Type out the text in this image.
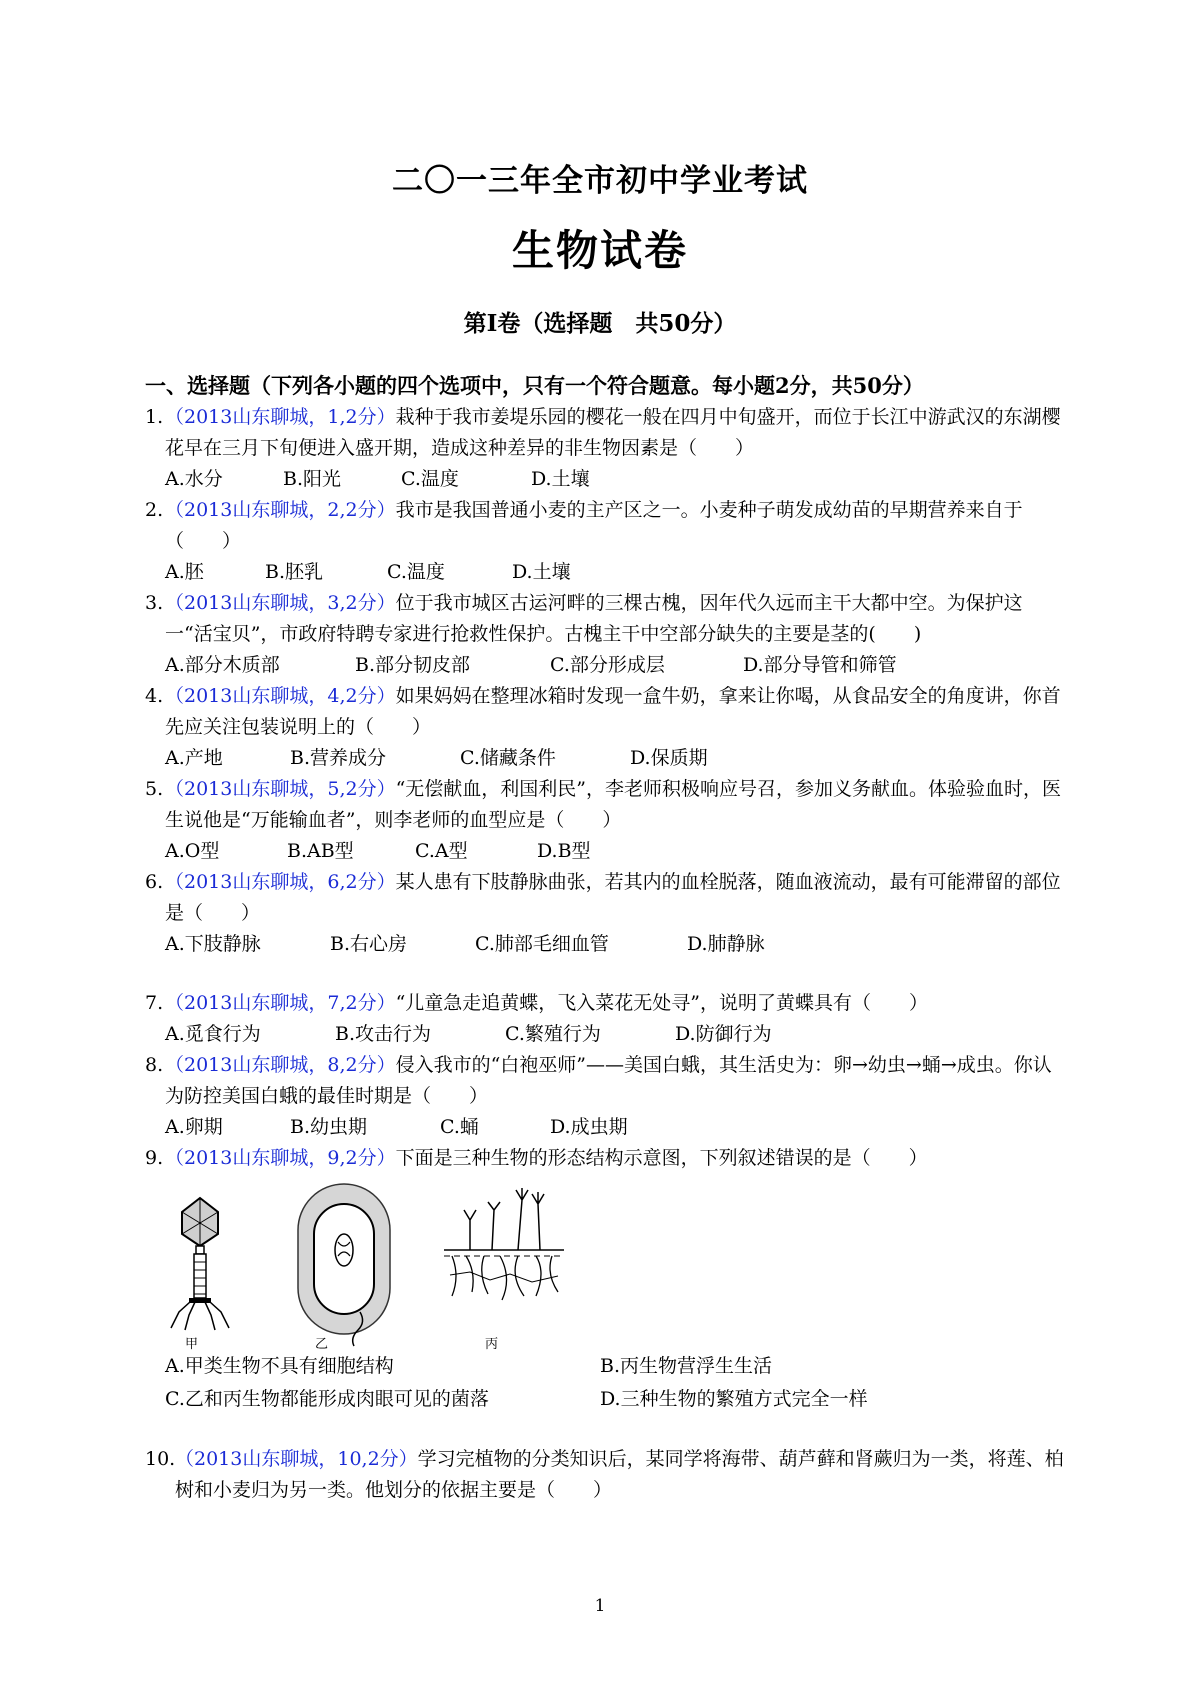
二〇一三年全市初中学业考试
生物试卷
第Ⅰ卷（选择题　共50分）
一、选择题（下列各小题的四个选项中，只有一个符合题意。每小题2分，共50分）
1. （2013山东聊城，1,2分）栽种于我市姜堤乐园的樱花一般在四月中旬盛开，而位于长江中游武汉的东湖樱花早在三月下旬便进入盛开期，造成这种差异的非生物因素是（　　）
A.水分	B.阳光	C.温度	D.土壤
2. （2013山东聊城，2,2分）我市是我国普通小麦的主产区之一。小麦种子萌发成幼苗的早期营养来自于（　　）
A.胚	B.胚乳	C.温度	D.土壤
3. （2013山东聊城，3,2分）位于我市城区古运河畔的三棵古槐，因年代久远而主干大都中空。为保护这一“活宝贝”，市政府特聘专家进行抢救性保护。古槐主干中空部分缺失的主要是茎的(　　)
A.部分木质部	B.部分韧皮部	C.部分形成层	D.部分导管和筛管
4. （2013山东聊城，4,2分）如果妈妈在整理冰箱时发现一盒牛奶，拿来让你喝，从食品安全的角度讲，你首先应关注包装说明上的（　　）
A.产地	B.营养成分	C.储藏条件	D.保质期
5. （2013山东聊城，5,2分）“无偿献血，利国利民”，李老师积极响应号召，参加义务献血。体验验血时，医生说他是“万能输血者”，则李老师的血型应是（　　）
A.O型	B.AB型	C.A型	D.B型
6. （2013山东聊城，6,2分）某人患有下肢静脉曲张，若其内的血栓脱落，随血液流动，最有可能滞留的部位是（　　）
A.下肢静脉	B.右心房	C.肺部毛细血管	D.肺静脉
7. （2013山东聊城，7,2分）“儿童急走追黄蝶，飞入菜花无处寻”，说明了黄蝶具有（　　）
A.觅食行为	B.攻击行为	C.繁殖行为	D.防御行为
8. （2013山东聊城，8,2分）侵入我市的“白袍巫师”——美国白蛾，其生活史为：卵→幼虫→蛹→成虫。你认为防控美国白蛾的最佳时期是（　　）
A.卵期	B.幼虫期	C.蛹	D.成虫期
9. （2013山东聊城，9,2分）下面是三种生物的形态结构示意图，下列叙述错误的是（　　）
甲	乙	丙
A.甲类生物不具有细胞结构	B.丙生物营浮生生活
C.乙和丙生物都能形成肉眼可见的菌落	D.三种生物的繁殖方式完全一样
10. （2013山东聊城，10,2分）学习完植物的分类知识后，某同学将海带、葫芦藓和肾蕨归为一类，将莲、柏树和小麦归为另一类。他划分的依据主要是（　　）
1
